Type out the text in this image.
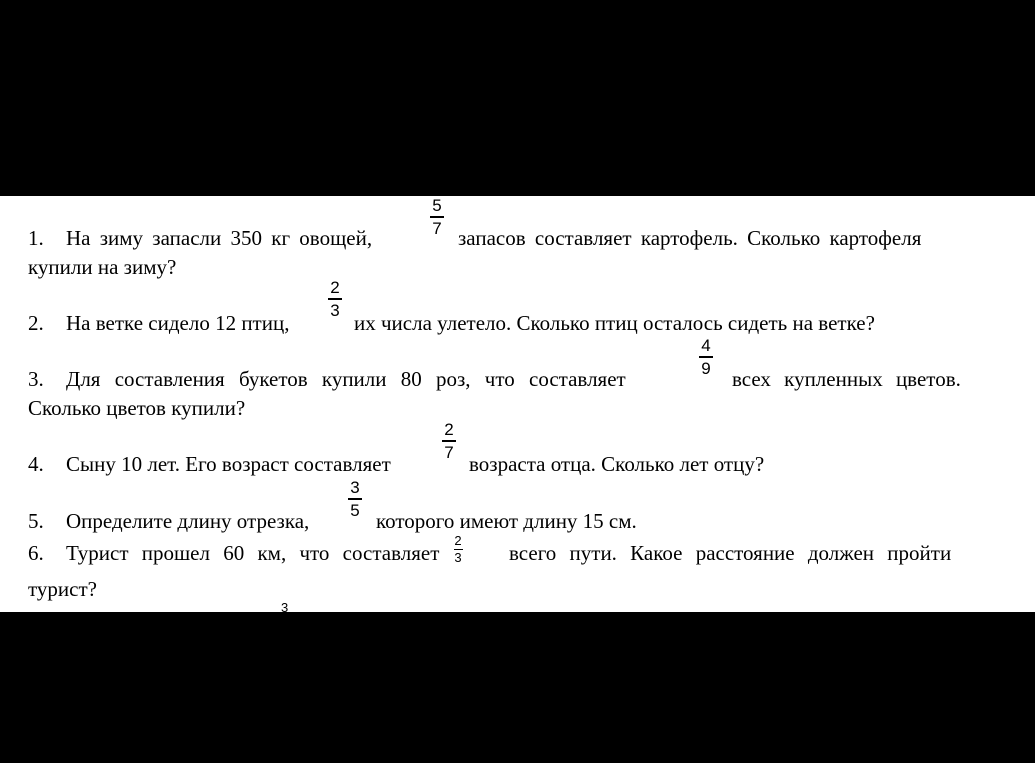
1. На зиму запасли 350 кг овощей,	запасов составляет картофель. Сколько картофеля
5
7
купили на зиму?
2. На ветке сидело 12 птиц,	их числа улетело. Сколько птиц осталось сидеть на ветке?
2
3
3. Для составления букетов купили 80 роз, что составляет	всех купленных цветов.
4
9
Сколько цветов купили?
4. Сыну 10 лет. Его возраст составляет	возраста отца. Сколько лет отцу?
2
7
5. Определите длину отрезка,	которого имеют длину 15 см.
3
5
6. Турист прошел 60 км, что составляет	всего пути. Какое расстояние должен пройти
2
3
турист?
3
